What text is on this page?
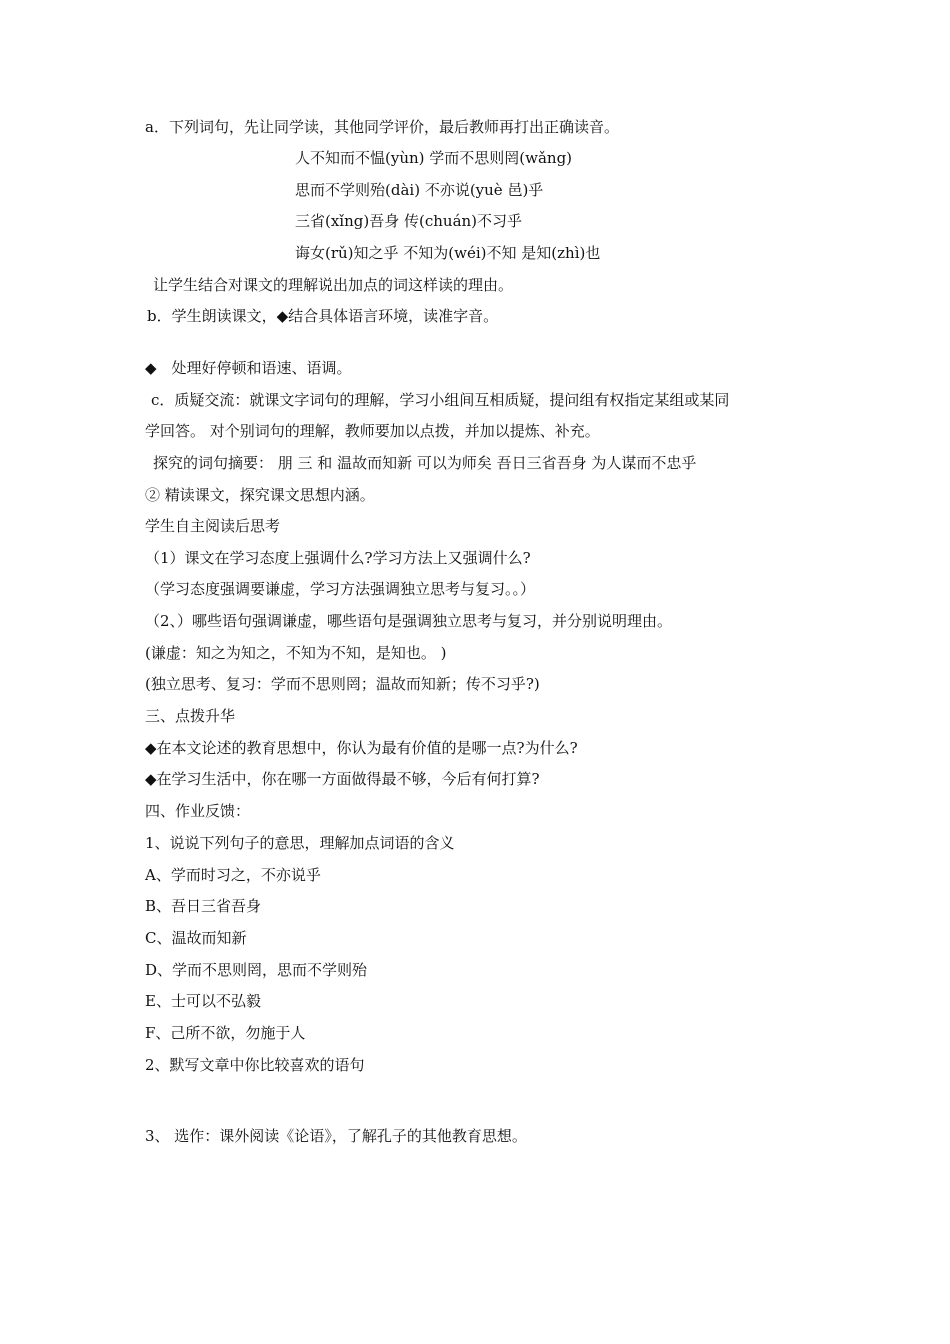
a．下列词句，先让同学读，其他同学评价，最后教师再打出正确读音。
人不知而不愠(yùn) 学而不思则罔(wǎng)
思而不学则殆(dài) 不亦说(yuè 邑)乎
三省(xǐng)吾身 传(chuán)不习乎
诲女(rǔ)知之乎 不知为(wéi)不知 是知(zhì)也
让学生结合对课文的理解说出加点的词这样读的理由。
b．学生朗读课文，◆结合具体语言环境，读准字音。
◆　处理好停顿和语速、语调。
c．质疑交流：就课文字词句的理解，学习小组间互相质疑，提问组有权指定某组或某同
学回答。 对个别词句的理解，教师要加以点拨，并加以提炼、补充。
探究的词句摘要： 朋 三 和 温故而知新 可以为师矣 吾日三省吾身 为人谋而不忠乎
② 精读课文，探究课文思想内涵。
学生自主阅读后思考
（1）课文在学习态度上强调什么?学习方法上又强调什么?
（学习态度强调要谦虚，学习方法强调独立思考与复习。。）
（2、）哪些语句强调谦虚，哪些语句是强调独立思考与复习，并分别说明理由。
(谦虚：知之为知之，不知为不知，是知也。 )
(独立思考、复习：学而不思则罔；温故而知新；传不习乎?)
三、点拨升华
◆在本文论述的教育思想中，你认为最有价值的是哪一点?为什么?
◆在学习生活中，你在哪一方面做得最不够，今后有何打算?
四、作业反馈：
1、说说下列句子的意思，理解加点词语的含义
A、学而时习之，不亦说乎
B、吾日三省吾身
C、温故而知新
D、学而不思则罔，思而不学则殆
E、士可以不弘毅
F、己所不欲，勿施于人
2、默写文章中你比较喜欢的语句
3、 选作：课外阅读《论语》，了解孔子的其他教育思想。
